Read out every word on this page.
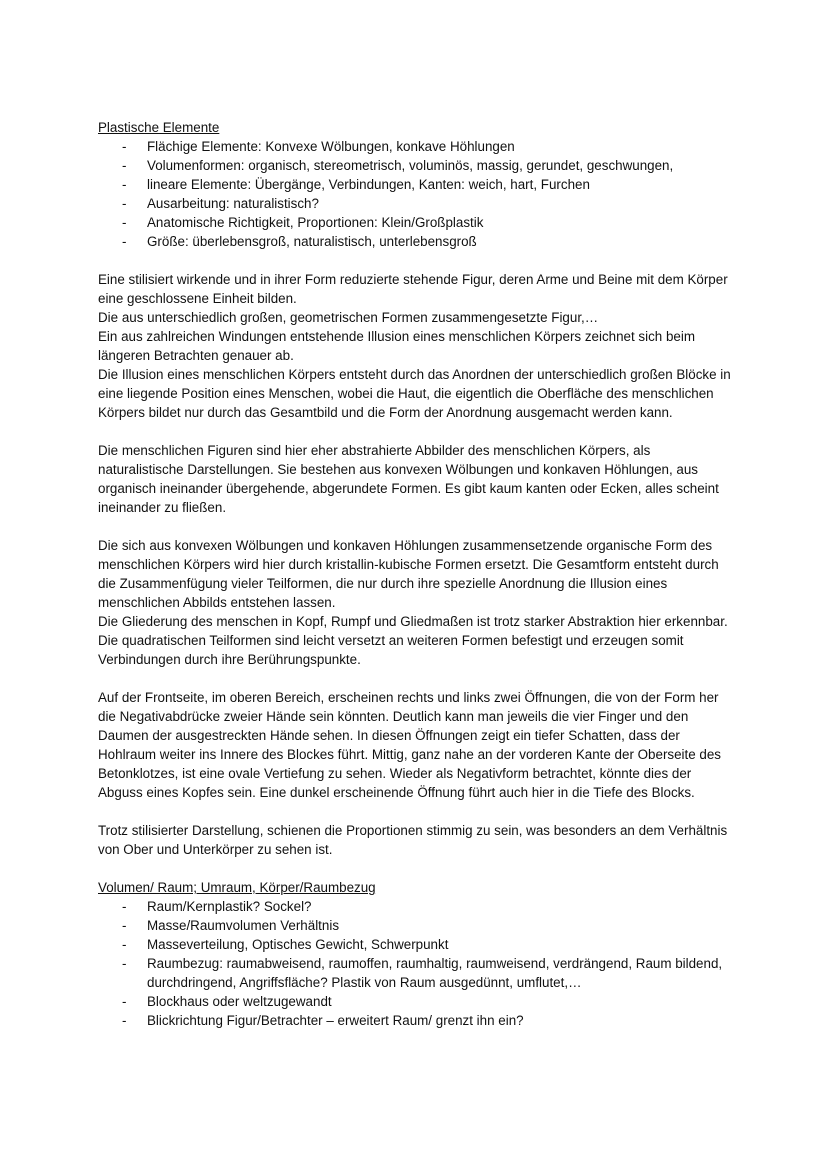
Plastische Elemente

- Flächige Elemente: Konvexe Wölbungen, konkave Höhlungen
- Volumenformen: organisch, stereometrisch, voluminös, massig, gerundet, geschwungen,
- lineare Elemente: Übergänge, Verbindungen, Kanten: weich, hart, Furchen
- Ausarbeitung: naturalistisch?
- Anatomische Richtigkeit, Proportionen: Klein/Großplastik
- Größe: überlebensgroß, naturalistisch, unterlebensgroß
Eine stilisiert wirkende und in ihrer Form reduzierte stehende Figur, deren Arme und Beine mit dem Körper eine geschlossene Einheit bilden.
Die aus unterschiedlich großen, geometrischen Formen zusammengesetzte Figur,…
Ein aus zahlreichen Windungen entstehende Illusion eines menschlichen Körpers zeichnet sich beim längeren Betrachten genauer ab.
Die Illusion eines menschlichen Körpers entsteht durch das Anordnen der unterschiedlich großen Blöcke in eine liegende Position eines Menschen, wobei die Haut, die eigentlich die Oberfläche des menschlichen Körpers bildet nur durch das Gesamtbild und die Form der Anordnung ausgemacht werden kann.
Die menschlichen Figuren sind hier eher abstrahierte Abbilder des menschlichen Körpers, als naturalistische Darstellungen. Sie bestehen aus konvexen Wölbungen und konkaven Höhlungen, aus organisch ineinander übergehende, abgerundete Formen. Es gibt kaum kanten oder Ecken, alles scheint ineinander zu fließen.
Die sich aus konvexen Wölbungen und konkaven Höhlungen zusammensetzende organische Form des menschlichen Körpers wird hier durch kristallin-kubische Formen ersetzt. Die Gesamtform entsteht durch die Zusammenfügung vieler Teilformen, die nur durch ihre spezielle Anordnung die Illusion eines menschlichen Abbilds entstehen lassen.
Die Gliederung des menschen in Kopf, Rumpf und Gliedmaßen ist trotz starker Abstraktion hier erkennbar. Die quadratischen Teilformen sind leicht versetzt an weiteren Formen befestigt und erzeugen somit Verbindungen durch ihre Berührungspunkte.
Auf der Frontseite, im oberen Bereich, erscheinen rechts und links zwei Öffnungen, die von der Form her die Negativabdrücke zweier Hände sein könnten. Deutlich kann man jeweils die vier Finger und den Daumen der ausgestreckten Hände sehen. In diesen Öffnungen zeigt ein tiefer Schatten, dass der Hohlraum weiter ins Innere des Blockes führt. Mittig, ganz nahe an der vorderen Kante der Oberseite des Betonklotzes, ist eine ovale Vertiefung zu sehen. Wieder als Negativform betrachtet, könnte dies der Abguss eines Kopfes sein. Eine dunkel erscheinende Öffnung führt auch hier in die Tiefe des Blocks.
Trotz stilisierter Darstellung, schienen die Proportionen stimmig zu sein, was besonders an dem Verhältnis von Ober und Unterkörper zu sehen ist.

Volumen/ Raum; Umraum, Körper/Raumbezug

- Raum/Kernplastik? Sockel?
- Masse/Raumvolumen Verhältnis
- Masseverteilung, Optisches Gewicht, Schwerpunkt
- Raumbezug: raumabweisend, raumoffen, raumhaltig, raumweisend, verdrängend, Raum bildend, durchdringend, Angriffsfläche? Plastik von Raum ausgedünnt, umflutet,…
- Blockhaus oder weltzugewandt
- Blickrichtung Figur/Betrachter – erweitert Raum/ grenzt ihn ein?
